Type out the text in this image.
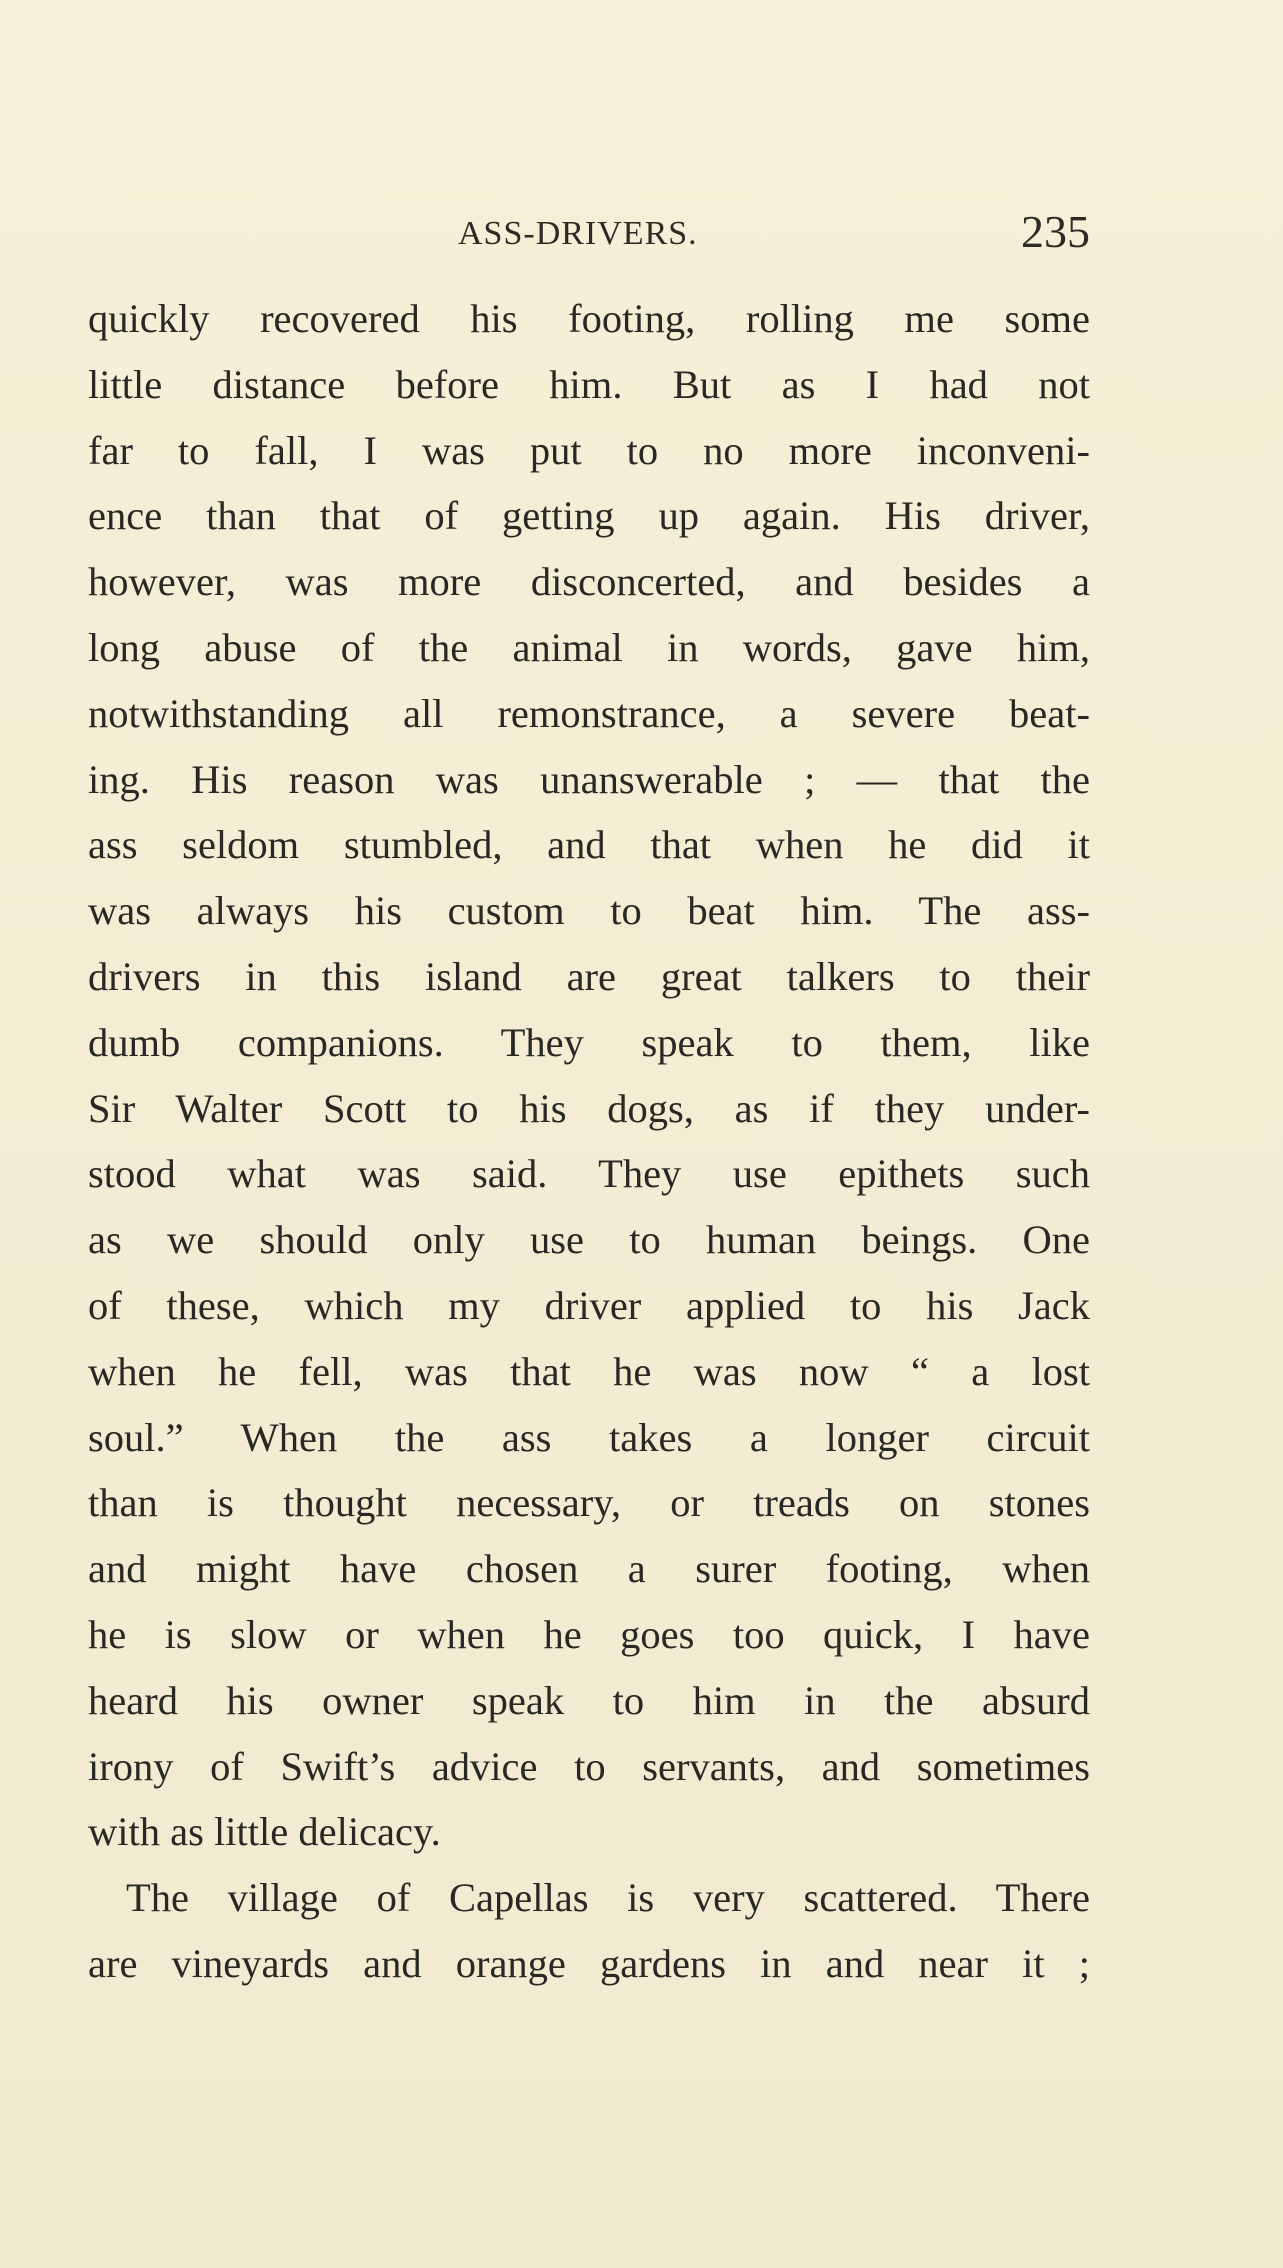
ASS-DRIVERS.	235
quickly recovered his footing, rolling me some
little distance before him. But as I had not
far to fall, I was put to no more inconveni-
ence than that of getting up again. His driver,
however, was more disconcerted, and besides a
long abuse of the animal in words, gave him,
notwithstanding all remonstrance, a severe beat-
ing. His reason was unanswerable ; — that the
ass seldom stumbled, and that when he did it
was always his custom to beat him. The ass-
drivers in this island are great talkers to their
dumb companions. They speak to them, like
Sir Walter Scott to his dogs, as if they under-
stood what was said. They use epithets such
as we should only use to human beings. One
of these, which my driver applied to his Jack
when he fell, was that he was now “ a lost
soul.” When the ass takes a longer circuit
than is thought necessary, or treads on stones
and might have chosen a surer footing, when
he is slow or when he goes too quick, I have
heard his owner speak to him in the absurd
irony of Swift’s advice to servants, and sometimes
with as little delicacy.
The village of Capellas is very scattered. There
are vineyards and orange gardens in and near it ;
